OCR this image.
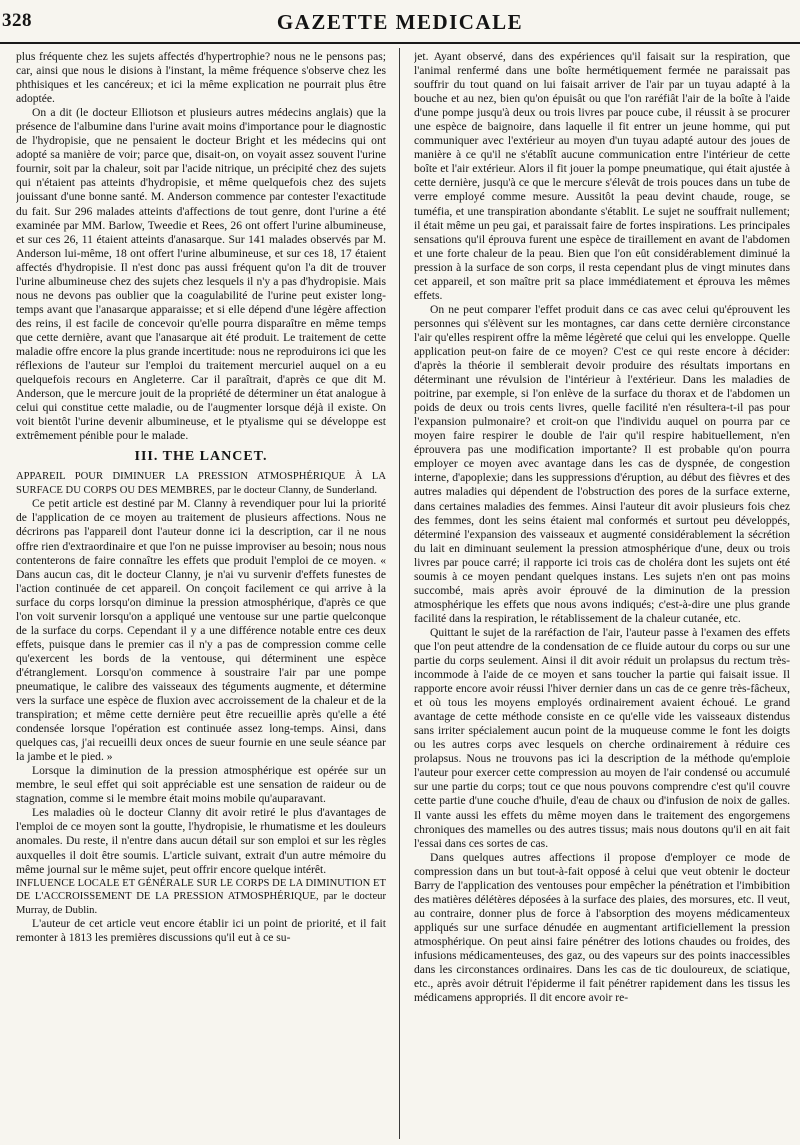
328	GAZETTE MEDICALE

plus fréquente chez les sujets affectés d'hypertrophie? nous ne le pensons pas; car, ainsi que nous le disions à l'instant, la même fréquence s'observe chez les phthisiques et les cancéreux; et ici la même explication ne pourrait plus être adoptée.

On a dit (le docteur Elliotson et plusieurs autres médecins anglais) que la présence de l'albumine dans l'urine avait moins d'importance pour le diagnostic de l'hydropisie, que ne pensaient le docteur Bright et les médecins qui ont adopté sa manière de voir; parce que, disait-on, on voyait assez souvent l'urine fournir, soit par la chaleur, soit par l'acide nitrique, un précipité chez des sujets qui n'étaient pas atteints d'hydropisie, et même quelquefois chez des sujets jouissant d'une bonne santé. M. Anderson commence par contester l'exactitude du fait. Sur 296 malades atteints d'affections de tout genre, dont l'urine a été examinée par MM. Barlow, Tweedie et Rees, 26 ont offert l'urine albumineuse, et sur ces 26, 11 étaient atteints d'anasarque. Sur 141 malades observés par M. Anderson lui-même, 18 ont offert l'urine albumineuse, et sur ces 18, 17 étaient affectés d'hydropisie. Il n'est donc pas aussi fréquent qu'on l'a dit de trouver l'urine albumineuse chez des sujets chez lesquels il n'y a pas d'hydropisie. Mais nous ne devons pas oublier que la coagulabilité de l'urine peut exister long-temps avant que l'anasarque apparaisse; et si elle dépend d'une légère affection des reins, il est facile de concevoir qu'elle pourra disparaître en même temps que cette dernière, avant que l'anasarque ait été produit. Le traitement de cette maladie offre encore la plus grande incertitude: nous ne reproduirons ici que les réflexions de l'auteur sur l'emploi du traitement mercuriel auquel on a eu quelquefois recours en Angleterre. Car il paraîtrait, d'après ce que dit M. Anderson, que le mercure jouit de la propriété de déterminer un état analogue à celui qui constitue cette maladie, ou de l'augmenter lorsque déjà il existe. On voit bientôt l'urine devenir albumineuse, et le ptyalisme qui se développe est extrêmement pénible pour le malade.

III. THE LANCET.

APPAREIL POUR DIMINUER LA PRESSION ATMOSPHÉRIQUE À LA SURFACE DU CORPS OU DES MEMBRES, par le docteur Clanny, de Sunderland.

Ce petit article est destiné par M. Clanny à revendiquer pour lui la priorité de l'application de ce moyen au traitement de plusieurs affections. Nous ne décrirons pas l'appareil dont l'auteur donne ici la description, car il ne nous offre rien d'extraordinaire et que l'on ne puisse improviser au besoin; nous nous contenterons de faire connaître les effets que produit l'emploi de ce moyen. « Dans aucun cas, dit le docteur Clanny, je n'ai vu survenir d'effets funestes de l'action continuée de cet appareil. On conçoit facilement ce qui arrive à la surface du corps lorsqu'on diminue la pression atmosphérique, d'après ce que l'on voit survenir lorsqu'on a appliqué une ventouse sur une partie quelconque de la surface du corps. Cependant il y a une différence notable entre ces deux effets, puisque dans le premier cas il n'y a pas de compression comme celle qu'exercent les bords de la ventouse, qui déterminent une espèce d'étranglement. Lorsqu'on commence à soustraire l'air par une pompe pneumatique, le calibre des vaisseaux des téguments augmente, et détermine vers la surface une espèce de fluxion avec accroissement de la chaleur et de la transpiration; et même cette dernière peut être recueillie après qu'elle a été condensée lorsque l'opération est continuée assez long-temps. Ainsi, dans quelques cas, j'ai recueilli deux onces de sueur fournie en une seule séance par la jambe et le pied. »

Lorsque la diminution de la pression atmosphérique est opérée sur un membre, le seul effet qui soit appréciable est une sensation de raideur ou de stagnation, comme si le membre était moins mobile qu'auparavant.

Les maladies où le docteur Clanny dit avoir retiré le plus d'avantages de l'emploi de ce moyen sont la goutte, l'hydropisie, le rhumatisme et les douleurs anomales. Du reste, il n'entre dans aucun détail sur son emploi et sur les règles auxquelles il doit être soumis. L'article suivant, extrait d'un autre mémoire du même journal sur le même sujet, peut offrir encore quelque intérêt.

INFLUENCE LOCALE ET GÉNÉRALE SUR LE CORPS DE LA DIMINUTION ET DE L'ACCROISSEMENT DE LA PRESSION ATMOSPHÉRIQUE, par le docteur Murray, de Dublin.

L'auteur de cet article veut encore établir ici un point de priorité, et il fait remonter à 1813 les premières discussions qu'il eut à ce su-

jet. Ayant observé, dans des expériences qu'il faisait sur la respiration, que l'animal renfermé dans une boîte hermétiquement fermée ne paraissait pas souffrir du tout quand on lui faisait arriver de l'air par un tuyau adapté à la bouche et au nez, bien qu'on épuisât ou que l'on raréfiât l'air de la boîte à l'aide d'une pompe jusqu'à deux ou trois livres par pouce cube, il réussit à se procurer une espèce de baignoire, dans laquelle il fit entrer un jeune homme, qui put communiquer avec l'extérieur au moyen d'un tuyau adapté autour des joues de manière à ce qu'il ne s'établît aucune communication entre l'intérieur de cette boîte et l'air extérieur. Alors il fit jouer la pompe pneumatique, qui était ajustée à cette dernière, jusqu'à ce que le mercure s'élevât de trois pouces dans un tube de verre employé comme mesure. Aussitôt la peau devint chaude, rouge, se tuméfia, et une transpiration abondante s'établit. Le sujet ne souffrait nullement; il était même un peu gai, et paraissait faire de fortes inspirations. Les principales sensations qu'il éprouva furent une espèce de tiraillement en avant de l'abdomen et une forte chaleur de la peau. Bien que l'on eût considérablement diminué la pression à la surface de son corps, il resta cependant plus de vingt minutes dans cet appareil, et son maître prit sa place immédiatement et éprouva les mêmes effets.

On ne peut comparer l'effet produit dans ce cas avec celui qu'éprouvent les personnes qui s'élèvent sur les montagnes, car dans cette dernière circonstance l'air qu'elles respirent offre la même légèreté que celui qui les enveloppe. Quelle application peut-on faire de ce moyen? C'est ce qui reste encore à décider: d'après la théorie il semblerait devoir produire des résultats importans en déterminant une révulsion de l'intérieur à l'extérieur. Dans les maladies de poitrine, par exemple, si l'on enlève de la surface du thorax et de l'abdomen un poids de deux ou trois cents livres, quelle facilité n'en résultera-t-il pas pour l'expansion pulmonaire? et croit-on que l'individu auquel on pourra par ce moyen faire respirer le double de l'air qu'il respire habituellement, n'en éprouvera pas une modification importante? Il est probable qu'on pourra employer ce moyen avec avantage dans les cas de dyspnée, de congestion interne, d'apoplexie; dans les suppressions d'éruption, au début des fièvres et des autres maladies qui dépendent de l'obstruction des pores de la surface externe, dans certaines maladies des femmes. Ainsi l'auteur dit avoir plusieurs fois chez des femmes, dont les seins étaient mal conformés et surtout peu développés, déterminé l'expansion des vaisseaux et augmenté considérablement la sécrétion du lait en diminuant seulement la pression atmosphérique d'une, deux ou trois livres par pouce carré; il rapporte ici trois cas de choléra dont les sujets ont été soumis à ce moyen pendant quelques instans. Les sujets n'en ont pas moins succombé, mais après avoir éprouvé de la diminution de la pression atmosphérique les effets que nous avons indiqués; c'est-à-dire une plus grande facilité dans la respiration, le rétablissement de la chaleur cutanée, etc.

Quittant le sujet de la raréfaction de l'air, l'auteur passe à l'examen des effets que l'on peut attendre de la condensation de ce fluide autour du corps ou sur une partie du corps seulement. Ainsi il dit avoir réduit un prolapsus du rectum très-incommode à l'aide de ce moyen et sans toucher la partie qui faisait issue. Il rapporte encore avoir réussi l'hiver dernier dans un cas de ce genre très-fâcheux, et où tous les moyens employés ordinairement avaient échoué. Le grand avantage de cette méthode consiste en ce qu'elle vide les vaisseaux distendus sans irriter spécialement aucun point de la muqueuse comme le font les doigts ou les autres corps avec lesquels on cherche ordinairement à réduire ces prolapsus. Nous ne trouvons pas ici la description de la méthode qu'emploie l'auteur pour exercer cette compression au moyen de l'air condensé ou accumulé sur une partie du corps; tout ce que nous pouvons comprendre c'est qu'il couvre cette partie d'une couche d'huile, d'eau de chaux ou d'infusion de noix de galles. Il vante aussi les effets du même moyen dans le traitement des engorgemens chroniques des mamelles ou des autres tissus; mais nous doutons qu'il en ait fait l'essai dans ces sortes de cas.

Dans quelques autres affections il propose d'employer ce mode de compression dans un but tout-à-fait opposé à celui que veut obtenir le docteur Barry de l'application des ventouses pour empêcher la pénétration et l'imbibition des matières délétères déposées à la surface des plaies, des morsures, etc. Il veut, au contraire, donner plus de force à l'absorption des moyens médicamenteux appliqués sur une surface dénudée en augmentant artificiellement la pression atmosphérique. On peut ainsi faire pénétrer des lotions chaudes ou froides, des infusions médicamenteuses, des gaz, ou des vapeurs sur des points inaccessibles dans les circonstances ordinaires. Dans les cas de tic douloureux, de sciatique, etc., après avoir détruit l'épiderme il fait pénétrer rapidement dans les tissus les médicamens appropriés. Il dit encore avoir re-
